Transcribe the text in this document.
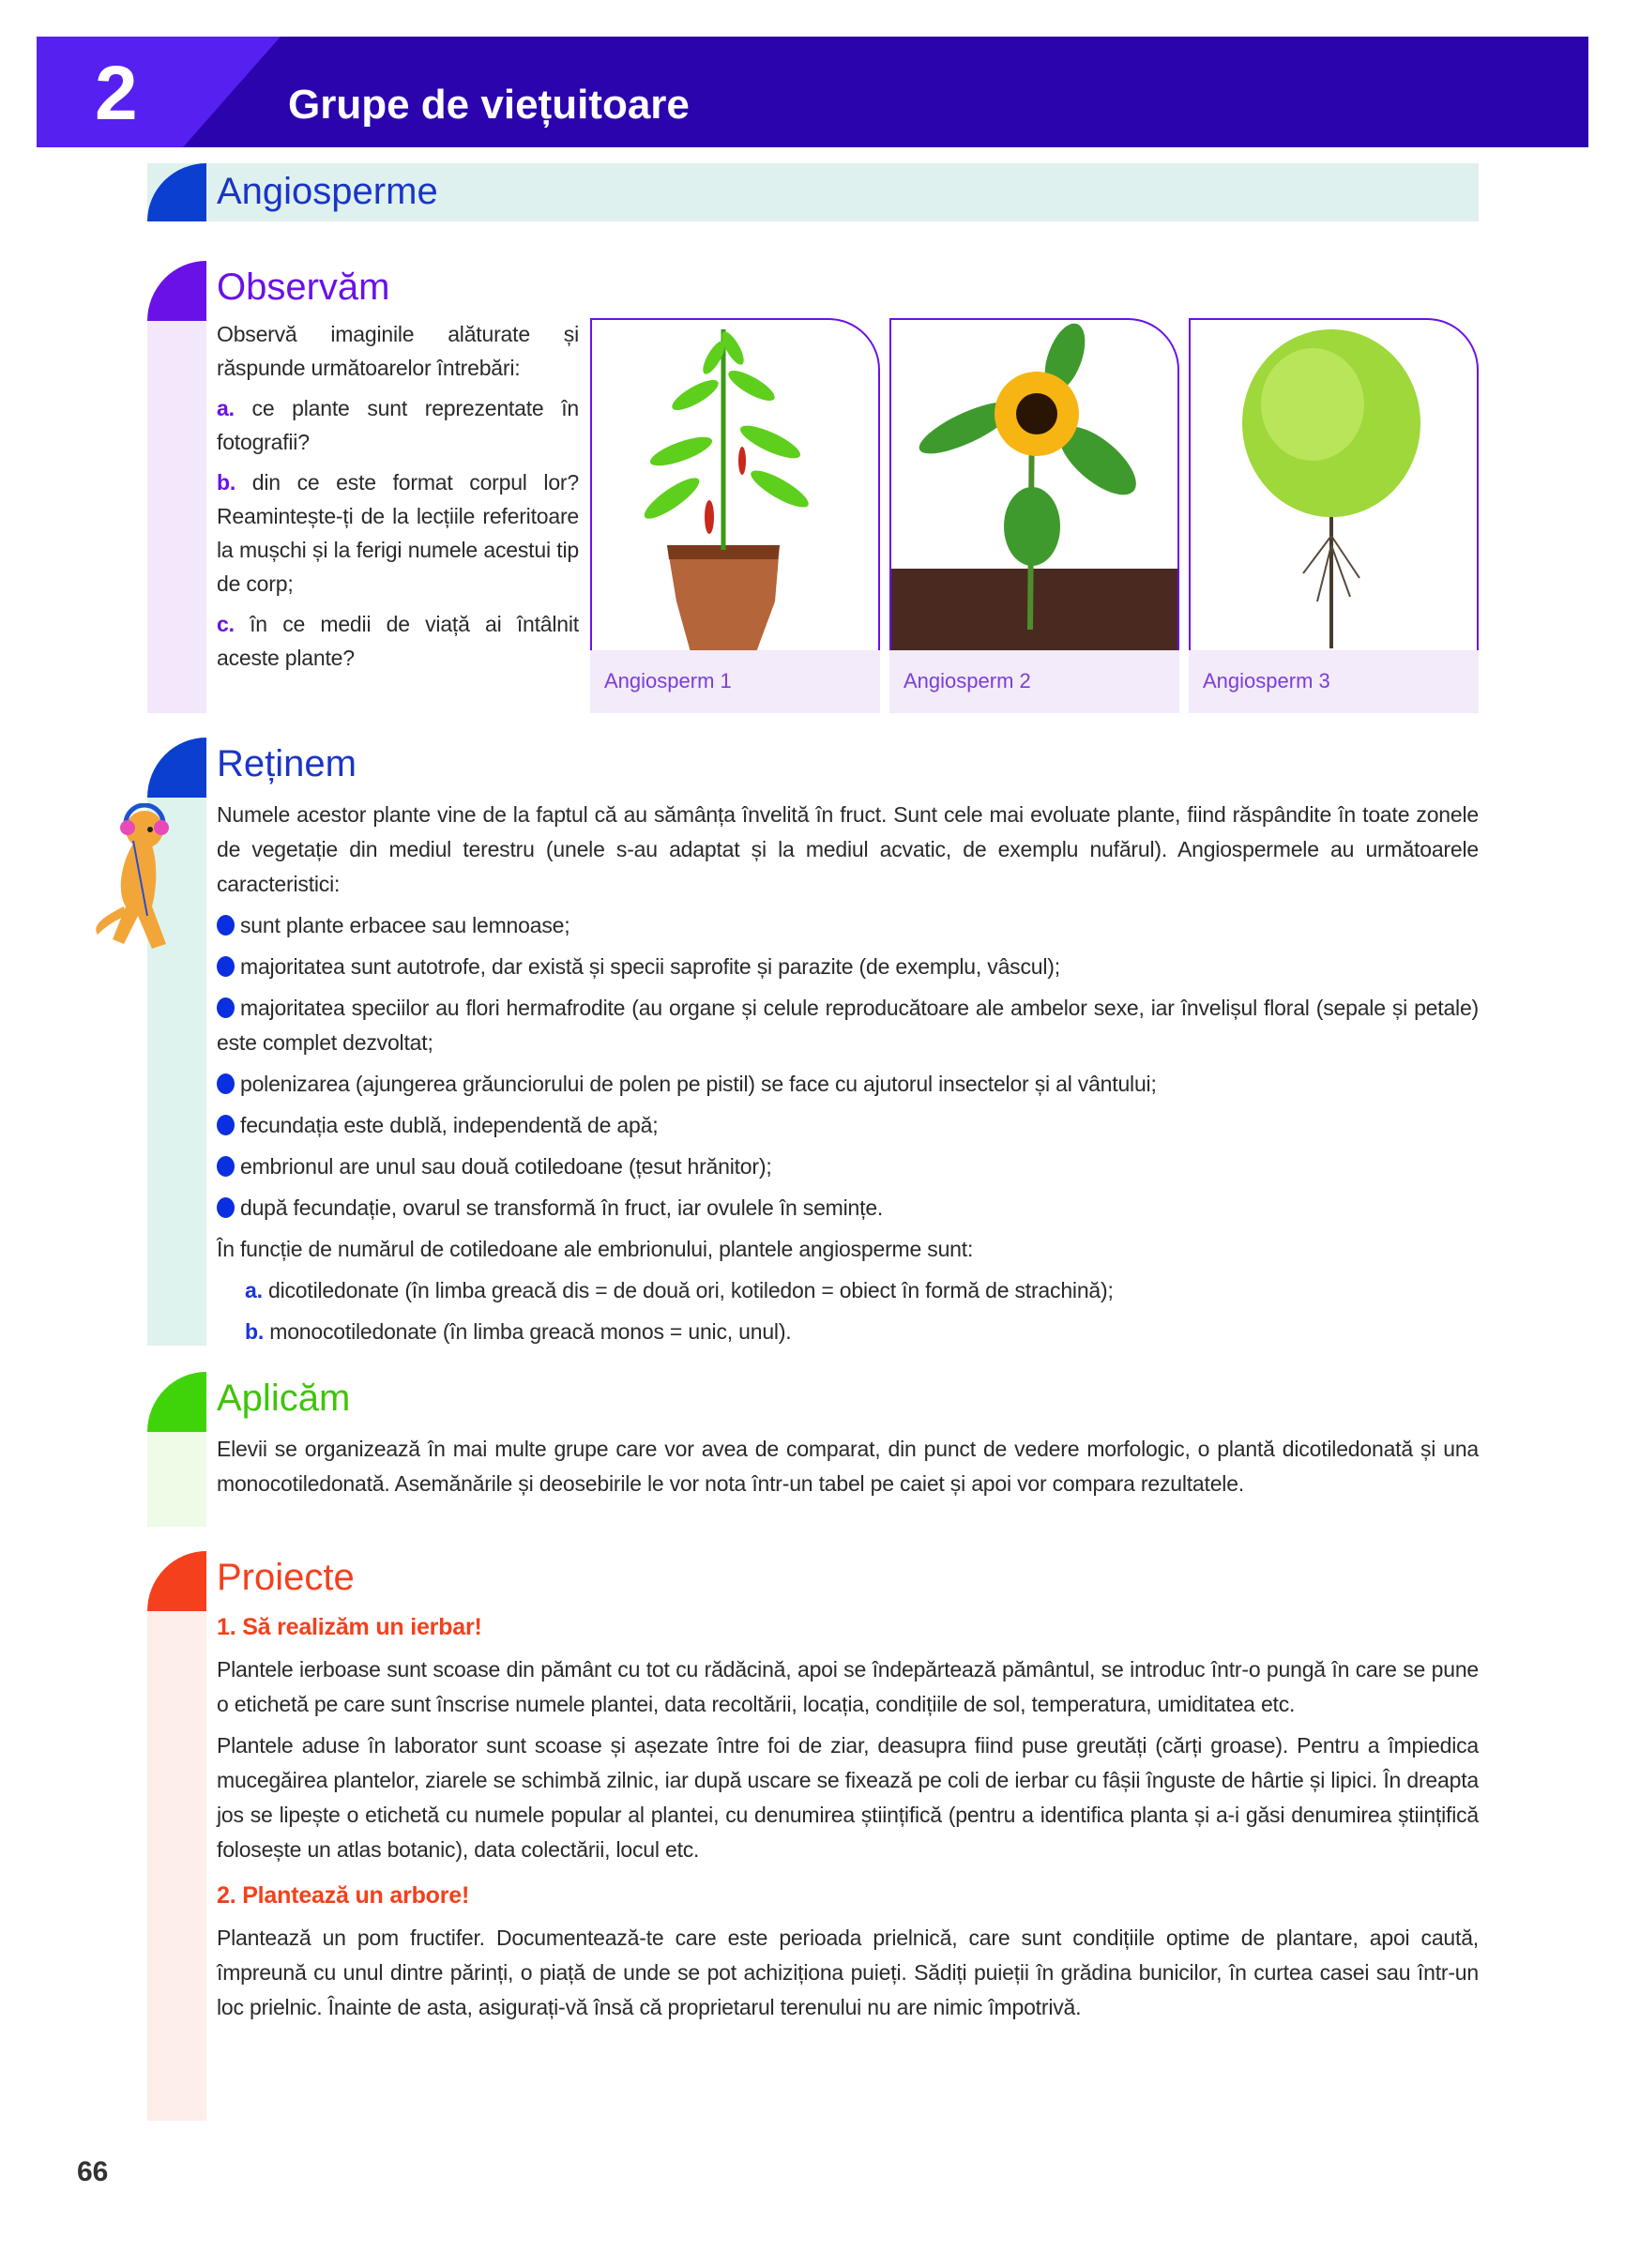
2	Grupe de viețuitoare
Angiosperme
Observăm

Observă imaginile alăturate și răspunde următoarelor întrebări:

a. ce plante sunt reprezentate în fotografii?

b. din ce este format corpul lor? Reamintește-ți de la lecțiile referitoare la mușchi și la ferigi numele acestui tip de corp;

c. în ce medii de viață ai întâlnit aceste plante?

Angiosperm 1	Angiosperm 2	Angiosperm 3
Reținem

Numele acestor plante vine de la faptul că au sămânța învelită în fruct. Sunt cele mai evoluate plante, fiind răspândite în toate zonele de vegetație din mediul terestru (unele s-au adaptat și la mediul acvatic, de exemplu nufărul). Angiospermele au următoarele caracteristici:

sunt plante erbacee sau lemnoase;

majoritatea sunt autotrofe, dar există și specii saprofite și parazite (de exemplu, vâscul);

majoritatea speciilor au flori hermafrodite (au organe și celule reproducătoare ale ambelor sexe, iar învelișul floral (sepale și petale) este complet dezvoltat;

polenizarea (ajungerea grăunciorului de polen pe pistil) se face cu ajutorul insectelor și al vântului;

fecundația este dublă, independentă de apă;

embrionul are unul sau două cotiledoane (țesut hrănitor);

după fecundație, ovarul se transformă în fruct, iar ovulele în semințe.

În funcție de numărul de cotiledoane ale embrionului, plantele angiosperme sunt:

a. dicotiledonate (în limba greacă dis = de două ori, kotiledon = obiect în formă de strachină);

b. monocotiledonate (în limba greacă monos = unic, unul).

Aplicăm
Elevii se organizează în mai multe grupe care vor avea de comparat, din punct de vedere morfologic, o plantă dicotiledonată și una monocotiledonată. Asemănările și deosebirile le vor nota într-un tabel pe caiet și apoi vor compara rezultatele.
Proiecte

1. Să realizăm un ierbar!

Plantele ierboase sunt scoase din pământ cu tot cu rădăcină, apoi se îndepărtează pământul, se introduc într-o pungă în care se pune o etichetă pe care sunt înscrise numele plantei, data recoltării, locația, condițiile de sol, temperatura, umiditatea etc.

Plantele aduse în laborator sunt scoase și așezate între foi de ziar, deasupra fiind puse greutăți (cărți groase). Pentru a împiedica mucegăirea plantelor, ziarele se schimbă zilnic, iar după uscare se fixează pe coli de ierbar cu fâșii înguste de hârtie și lipici. În dreapta jos se lipește o etichetă cu numele popular al plantei, cu denumirea științifică (pentru a identifica planta și a-i găsi denumirea științifică folosește un atlas botanic), data colectării, locul etc.

2. Plantează un arbore!

Plantează un pom fructifer. Documentează-te care este perioada prielnică, care sunt condițiile optime de plantare, apoi caută, împreună cu unul dintre părinți, o piață de unde se pot achiziționa puieți. Sădiți puieții în grădina bunicilor, în curtea casei sau într-un loc prielnic. Înainte de asta, asigurați-vă însă că proprietarul terenului nu are nimic împotrivă.

66
